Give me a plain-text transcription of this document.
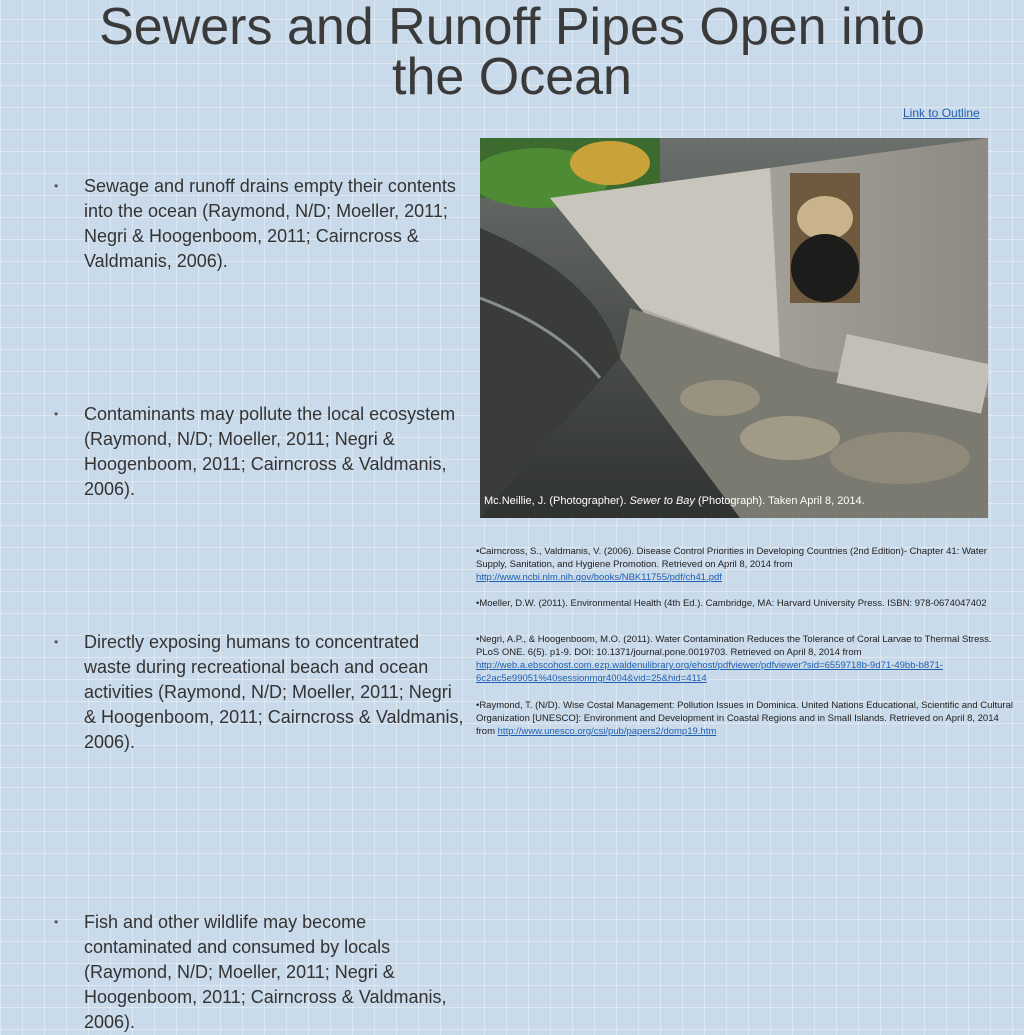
Sewers and Runoff Pipes Open into
the Ocean
Link to Outline
• Sewage and runoff drains empty their contents into the ocean (Raymond, N/D; Moeller, 2011; Negri & Hoogenboom, 2011; Cairncross & Valdmanis, 2006).
• Contaminants may pollute the local ecosystem (Raymond, N/D; Moeller, 2011; Negri & Hoogenboom, 2011; Cairncross & Valdmanis, 2006).
• Directly exposing humans to concentrated waste during recreational beach and ocean activities (Raymond, N/D; Moeller, 2011; Negri & Hoogenboom, 2011; Cairncross & Valdmanis, 2006).
• Fish and other wildlife may become contaminated and consumed by locals (Raymond, N/D; Moeller, 2011; Negri & Hoogenboom, 2011; Cairncross & Valdmanis, 2006).
Mc.Neillie, J. (Photographer). Sewer to Bay (Photograph). Taken April 8, 2014.
•Cairncross, S., Valdmanis, V. (2006). Disease Control Priorities in Developing Countries (2nd Edition)- Chapter 41: Water Supply, Sanitation, and Hygiene Promotion. Retrieved on April 8, 2014 from http://www.ncbi.nlm.nih.gov/books/NBK11755/pdf/ch41.pdf
•Moeller, D.W. (2011). Environmental Health (4th Ed.). Cambridge, MA: Harvard University Press. ISBN: 978-0674047402
•Negri, A.P., & Hoogenboom, M.O. (2011). Water Contamination Reduces the Tolerance of Coral Larvae to Thermal Stress. PLoS ONE. 6(5). p1-9. DOI: 10.1371/journal.pone.0019703. Retrieved on April 8, 2014 from http://web.a.ebscohost.com.ezp.waldenulibrary.org/ehost/pdfviewer/pdfviewer?sid=6559718b-9d71-49bb-b871-6c2ac5e99051%40sessionmgr4004&vid=25&hid=4114
•Raymond, T. (N/D). Wise Costal Management: Pollution Issues in Dominica. United Nations Educational, Scientific and Cultural Organization [UNESCO]: Environment and Development in Coastal Regions and in Small Islands. Retrieved on April 8, 2014 from http://www.unesco.org/csi/pub/papers2/domp19.htm
